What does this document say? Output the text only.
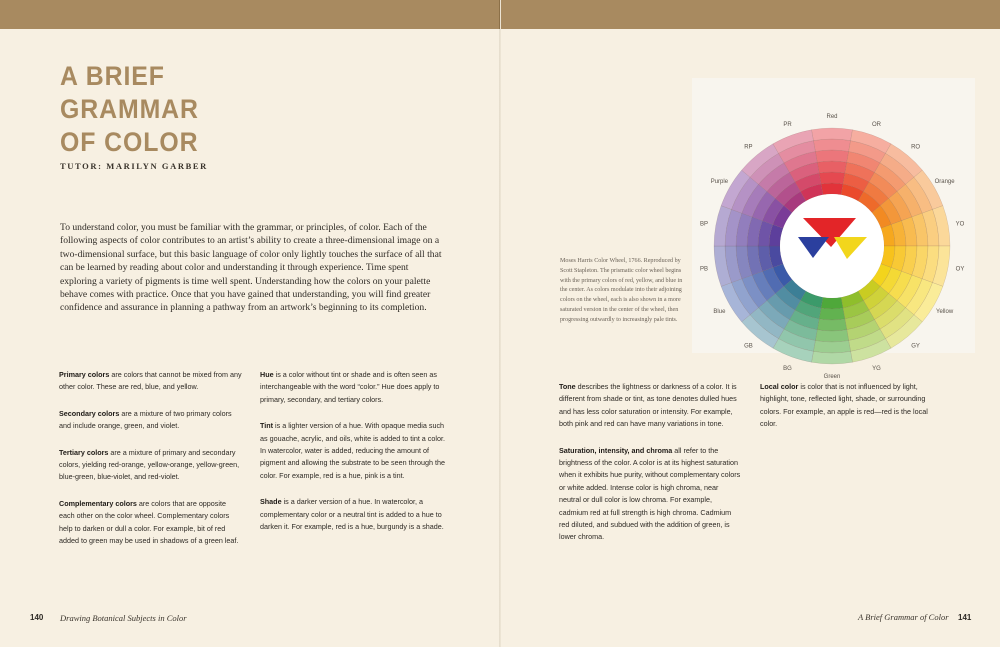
A BRIEF
GRAMMAR
OF COLOR

TUTOR: MARILYN GARBER

To understand color, you must be familiar with the grammar, or principles, of color. Each of the following aspects of color contributes to an artist’s ability to create a three-dimensional image on a two-dimensional surface, but this basic language of color only lightly touches the surface of all that can be learned by reading about color and understanding it through experience. Time spent exploring a variety of pigments is time well spent. Understanding how the colors on your palette behave comes with practice. Once that you have gained that understanding, you will find greater confidence and assurance in planning a pathway from an artwork’s beginning to its completion.

Primary colors are colors that cannot be mixed from any other color. These are red, blue, and yellow.

Secondary colors are a mixture of two primary colors and include orange, green, and violet.

Tertiary colors are a mixture of primary and secondary colors, yielding red-orange, yellow-orange, yellow-green, blue-green, blue-violet, and red-violet.

Complementary colors are colors that are opposite each other on the color wheel. Complementary colors help to darken or dull a color. For example, bit of red added to green may be used in shadows of a green leaf.

Hue is a color without tint or shade and is often seen as interchangeable with the word “color.” Hue does apply to primary, secondary, and tertiary colors.

Tint is a lighter version of a hue. With opaque media such as gouache, acrylic, and oils, white is added to tint a color. In watercolor, water is added, reducing the amount of pigment and allowing the substrate to be seen through the color. For example, red is a hue, pink is a tint.

Shade is a darker version of a hue. In watercolor, a complementary color or a neutral tint is added to a hue to darken it. For example, red is a hue, burgundy is a shade.

140 Drawing Botanical Subjects in Color

Moses Harris Color Wheel, 1766. Reproduced by Scott Stapleton. The prismatic color wheel begins with the primary colors of red, yellow, and blue in the center. As colors modulate into their adjoining colors on the wheel, each is also shown in a more saturated version in the center of the wheel, then progressing outwardly to increasingly pale tints.

Red
OR
RO
Orange
YO
OY
Yellow
GY
YG
Green
BG
GB
Blue
PB
BP
Purple
RP
PR

Tone describes the lightness or darkness of a color. It is different from shade or tint, as tone denotes dulled hues and has less color saturation or intensity. For example, both pink and red can have many variations in tone.

Saturation, intensity, and chroma all refer to the brightness of the color. A color is at its highest saturation when it exhibits hue purity, without complementary colors or white added. Intense color is high chroma, near neutral or dull color is low chroma. For example, cadmium red at full strength is high chroma. Cadmium red diluted, and subdued with the addition of green, is lower chroma.

Local color is color that is not influenced by light, highlight, tone, reflected light, shade, or surrounding colors. For example, an apple is red—red is the local color.

A Brief Grammar of Color 141
